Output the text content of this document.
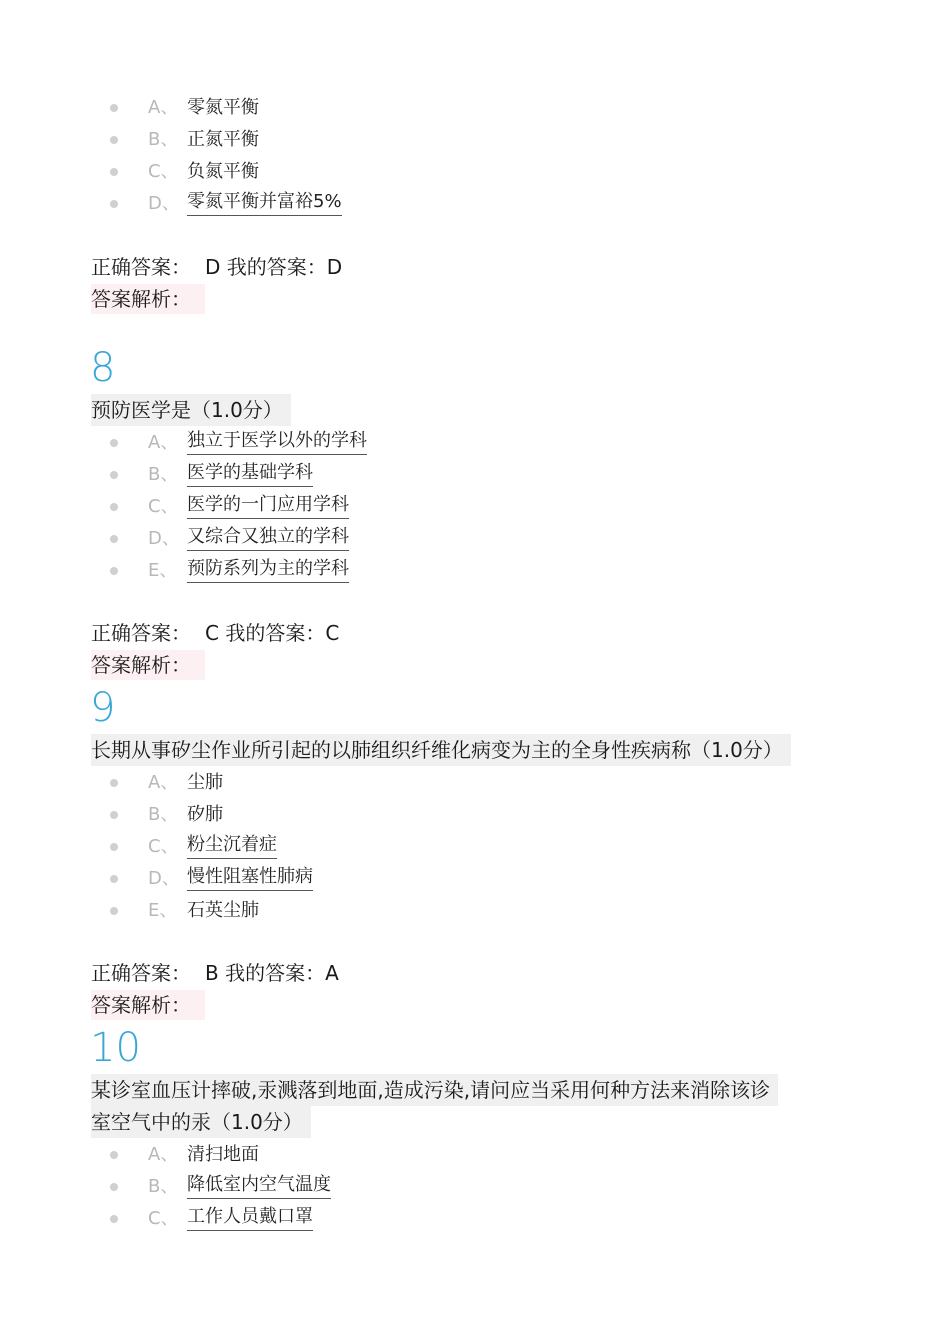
A、 零氮平衡
B、 正氮平衡
C、 负氮平衡
D、 零氮平衡并富裕5%
正确答案： D 我的答案：D
答案解析：
8
预防医学是（1.0分）
A、 独立于医学以外的学科
B、 医学的基础学科
C、 医学的一门应用学科
D、 又综合又独立的学科
E、 预防系列为主的学科
正确答案： C 我的答案：C
答案解析：
9
长期从事矽尘作业所引起的以肺组织纤维化病变为主的全身性疾病称（1.0分）
A、 尘肺
B、 矽肺
C、 粉尘沉着症
D、 慢性阻塞性肺病
E、 石英尘肺
正确答案： B 我的答案：A
答案解析：
10
某诊室血压计摔破,汞溅落到地面,造成污染,请问应当采用何种方法来消除该诊
室空气中的汞（1.0分）
A、 清扫地面
B、 降低室内空气温度
C、 工作人员戴口罩
